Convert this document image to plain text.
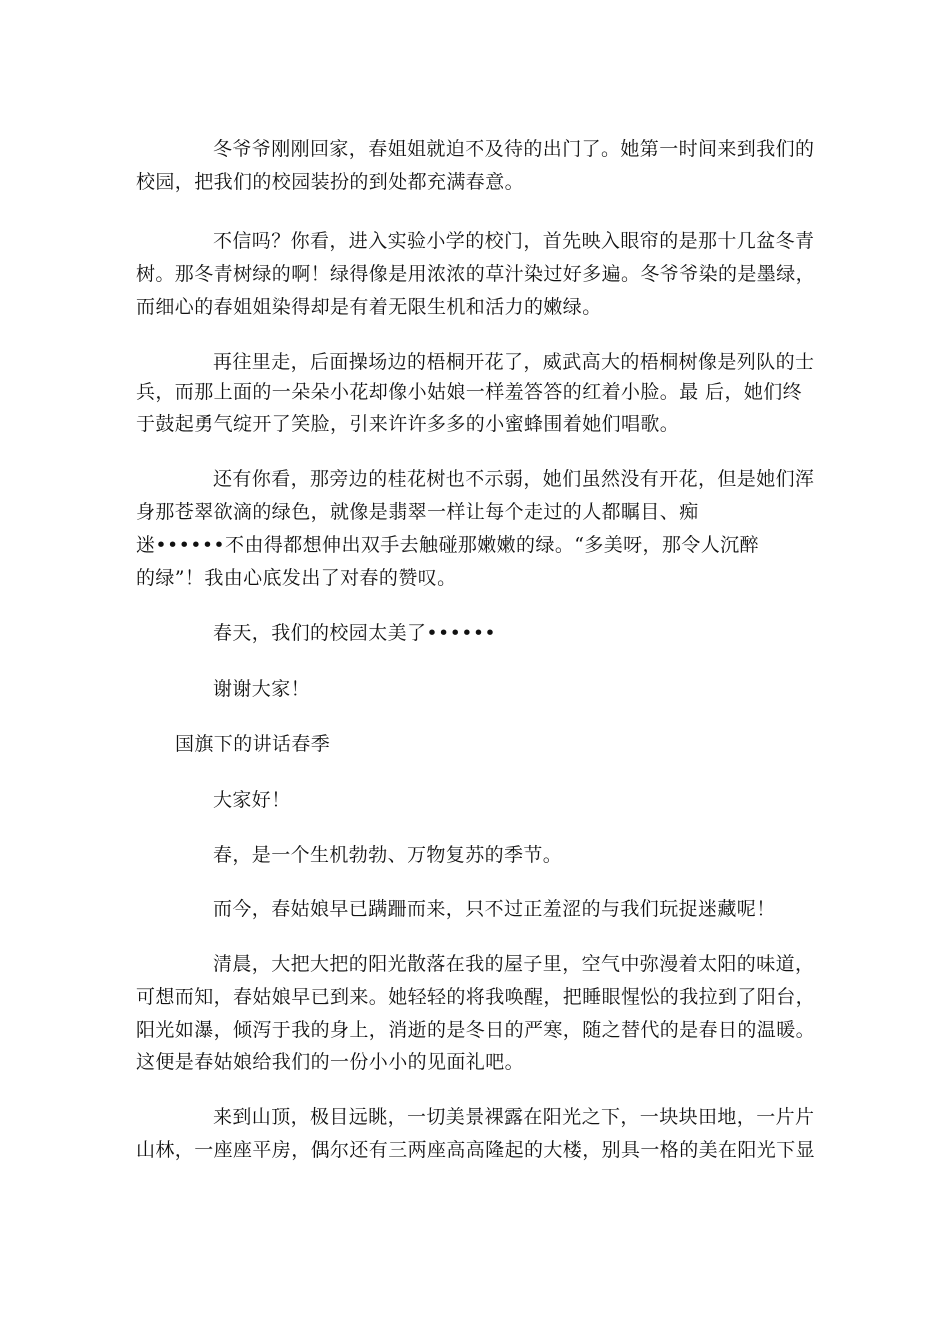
冬爷爷刚刚回家，春姐姐就迫不及待的出门了。她第一时间来到我们的
校园，把我们的校园装扮的到处都充满春意。
不信吗？你看，进入实验小学的校门，首先映入眼帘的是那十几盆冬青
树。那冬青树绿的啊！绿得像是用浓浓的草汁染过好多遍。冬爷爷染的是墨绿，
而细心的春姐姐染得却是有着无限生机和活力的嫩绿。
再往里走，后面操场边的梧桐开花了，威武高大的梧桐树像是列队的士
兵，而那上面的一朵朵小花却像小姑娘一样羞答答的红着小脸。最 后，她们终
于鼓起勇气绽开了笑脸，引来许许多多的小蜜蜂围着她们唱歌。
还有你看，那旁边的桂花树也不示弱，她们虽然没有开花，但是她们浑
身那苍翠欲滴的绿色，就像是翡翠一样让每个走过的人都瞩目、痴
迷••••••不由得都想伸出双手去触碰那嫩嫩的绿。“多美呀，那令人沉醉
的绿”！我由心底发出了对春的赞叹。
春天，我们的校园太美了••••••
谢谢大家！
国旗下的讲话春季
大家好！
春，是一个生机勃勃、万物复苏的季节。
而今，春姑娘早已蹒跚而来，只不过正羞涩的与我们玩捉迷藏呢！
清晨，大把大把的阳光散落在我的屋子里，空气中弥漫着太阳的味道，
可想而知，春姑娘早已到来。她轻轻的将我唤醒，把睡眼惺忪的我拉到了阳台，
阳光如瀑，倾泻于我的身上，消逝的是冬日的严寒，随之替代的是春日的温暖。
这便是春姑娘给我们的一份小小的见面礼吧。
来到山顶，极目远眺，一切美景裸露在阳光之下，一块块田地，一片片
山林，一座座平房，偶尔还有三两座高高隆起的大楼，别具一格的美在阳光下显
